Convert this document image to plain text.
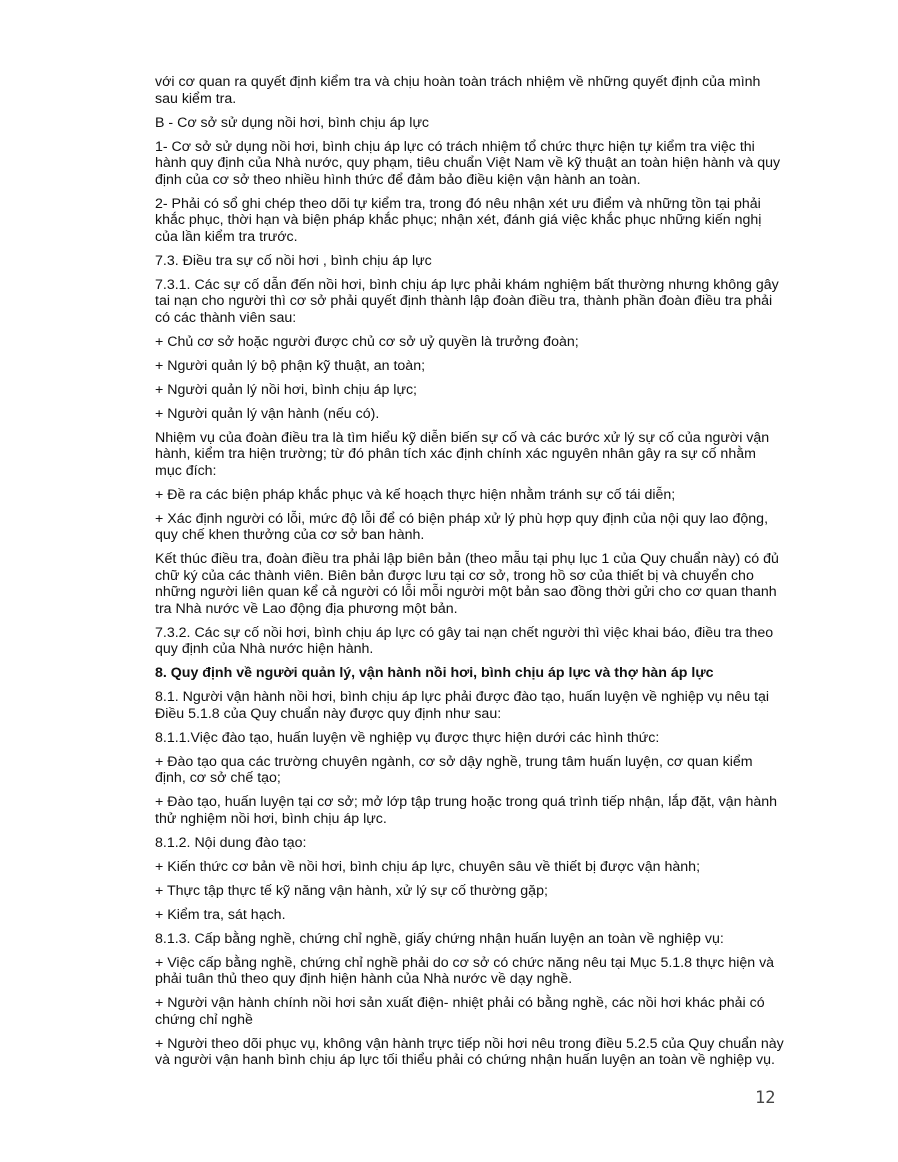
với cơ quan ra quyết định kiểm tra và chịu hoàn toàn trách nhiệm về những quyết định của mình sau kiểm tra.

B - Cơ sở sử dụng nồi hơi, bình chịu áp lực

1- Cơ sở sử dụng nồi hơi, bình chịu áp lực có trách nhiệm tổ chức thực hiện tự kiểm tra việc thi hành quy định của Nhà nước, quy phạm, tiêu chuẩn Việt Nam về kỹ thuật an toàn hiện hành và quy định của cơ sở theo nhiều hình thức để đảm bảo điều kiện vận hành an toàn.

2- Phải có sổ ghi chép theo dõi tự kiểm tra, trong đó nêu nhận xét ưu điểm và những tồn tại phải khắc phục, thời hạn và biện pháp khắc phục; nhận xét, đánh giá việc khắc phục những kiến nghị của lần kiểm tra trước.

7.3. Điều tra sự cố nồi hơi , bình chịu áp lực

7.3.1. Các sự cố dẫn đến nồi hơi, bình chịu áp lực phải khám nghiệm bất thường nhưng không gây tai nạn cho người thì cơ sở phải quyết định thành lập đoàn điều tra, thành phần đoàn điều tra phải có các thành viên sau:

+ Chủ cơ sở hoặc người được chủ cơ sở uỷ quyền là trưởng đoàn;

+ Người quản lý bộ phận kỹ thuật, an toàn;

+ Người quản lý nồi hơi, bình chịu áp lực;

+ Người quản lý vận hành (nếu có).

Nhiệm vụ của đoàn điều tra là tìm hiểu kỹ diễn biến sự cố và các bước xử lý sự cố của người vận hành, kiểm tra hiện trường; từ đó phân tích xác định chính xác nguyên nhân gây ra sự cố nhằm mục đích:

+ Đề ra các biện pháp khắc phục và kế hoạch thực hiện nhằm tránh sự cố tái diễn;

+ Xác định người có lỗi, mức độ lỗi để có biện pháp xử lý phù hợp quy định của nội quy lao động, quy chế khen thưởng của cơ sở ban hành.

Kết thúc điều tra, đoàn điều tra phải lập biên bản (theo mẫu tại phụ lục 1 của Quy chuẩn này) có đủ chữ ký của các thành viên. Biên bản được lưu tại cơ sở, trong hồ sơ của thiết bị và chuyển cho những người liên quan kể cả người có lỗi mỗi người một bản sao đồng thời gửi cho cơ quan thanh tra Nhà nước về Lao động địa phương một bản.

7.3.2. Các sự cố nồi hơi, bình chịu áp lực có gây tai nạn chết người thì việc khai báo, điều tra theo quy định của Nhà nước hiện hành.

8. Quy định về người quản lý, vận hành nồi hơi, bình chịu áp lực và thợ hàn áp lực

8.1. Người vận hành nồi hơi, bình chịu áp lực phải được đào tạo, huấn luyện về nghiệp vụ nêu tại Điều 5.1.8 của Quy chuẩn này được quy định như sau:

8.1.1.Việc đào tạo, huấn luyện về nghiệp vụ được thực hiện dưới các hình thức:

+ Đào tạo qua các trường chuyên ngành, cơ sở dậy nghề, trung tâm huấn luyện, cơ quan kiểm định, cơ sở chế tạo;

+ Đào tạo, huấn luyện tại cơ sở; mở lớp tập trung hoặc trong quá trình tiếp nhận, lắp đặt, vận hành thử nghiệm nồi hơi, bình chịu áp lực.

8.1.2. Nội dung đào tạo:

+ Kiến thức cơ bản về nồi hơi, bình chịu áp lực, chuyên sâu về thiết bị được vận hành;

+ Thực tập thực tế kỹ năng vận hành, xử lý sự cố thường gặp;

+ Kiểm tra, sát hạch.

8.1.3. Cấp bằng nghề, chứng chỉ nghề, giấy chứng nhận huấn luyện an toàn về nghiệp vụ:

+ Việc cấp bằng nghề, chứng chỉ nghề phải do cơ sở có chức năng nêu tại Mục 5.1.8 thực hiện và phải tuân thủ theo quy định hiện hành của Nhà nước về dạy nghề.

+ Người vận hành chính nồi hơi sản xuất điện- nhiệt phải có bằng nghề, các nồi hơi khác phải có chứng chỉ nghề

+ Người theo dõi phục vụ, không vận hành trực tiếp nồi hơi nêu trong điều 5.2.5 của Quy chuẩn này và người vận hanh bình chịu áp lực tối thiểu phải có chứng nhận huấn luyện an toàn về nghiệp vụ.

12
